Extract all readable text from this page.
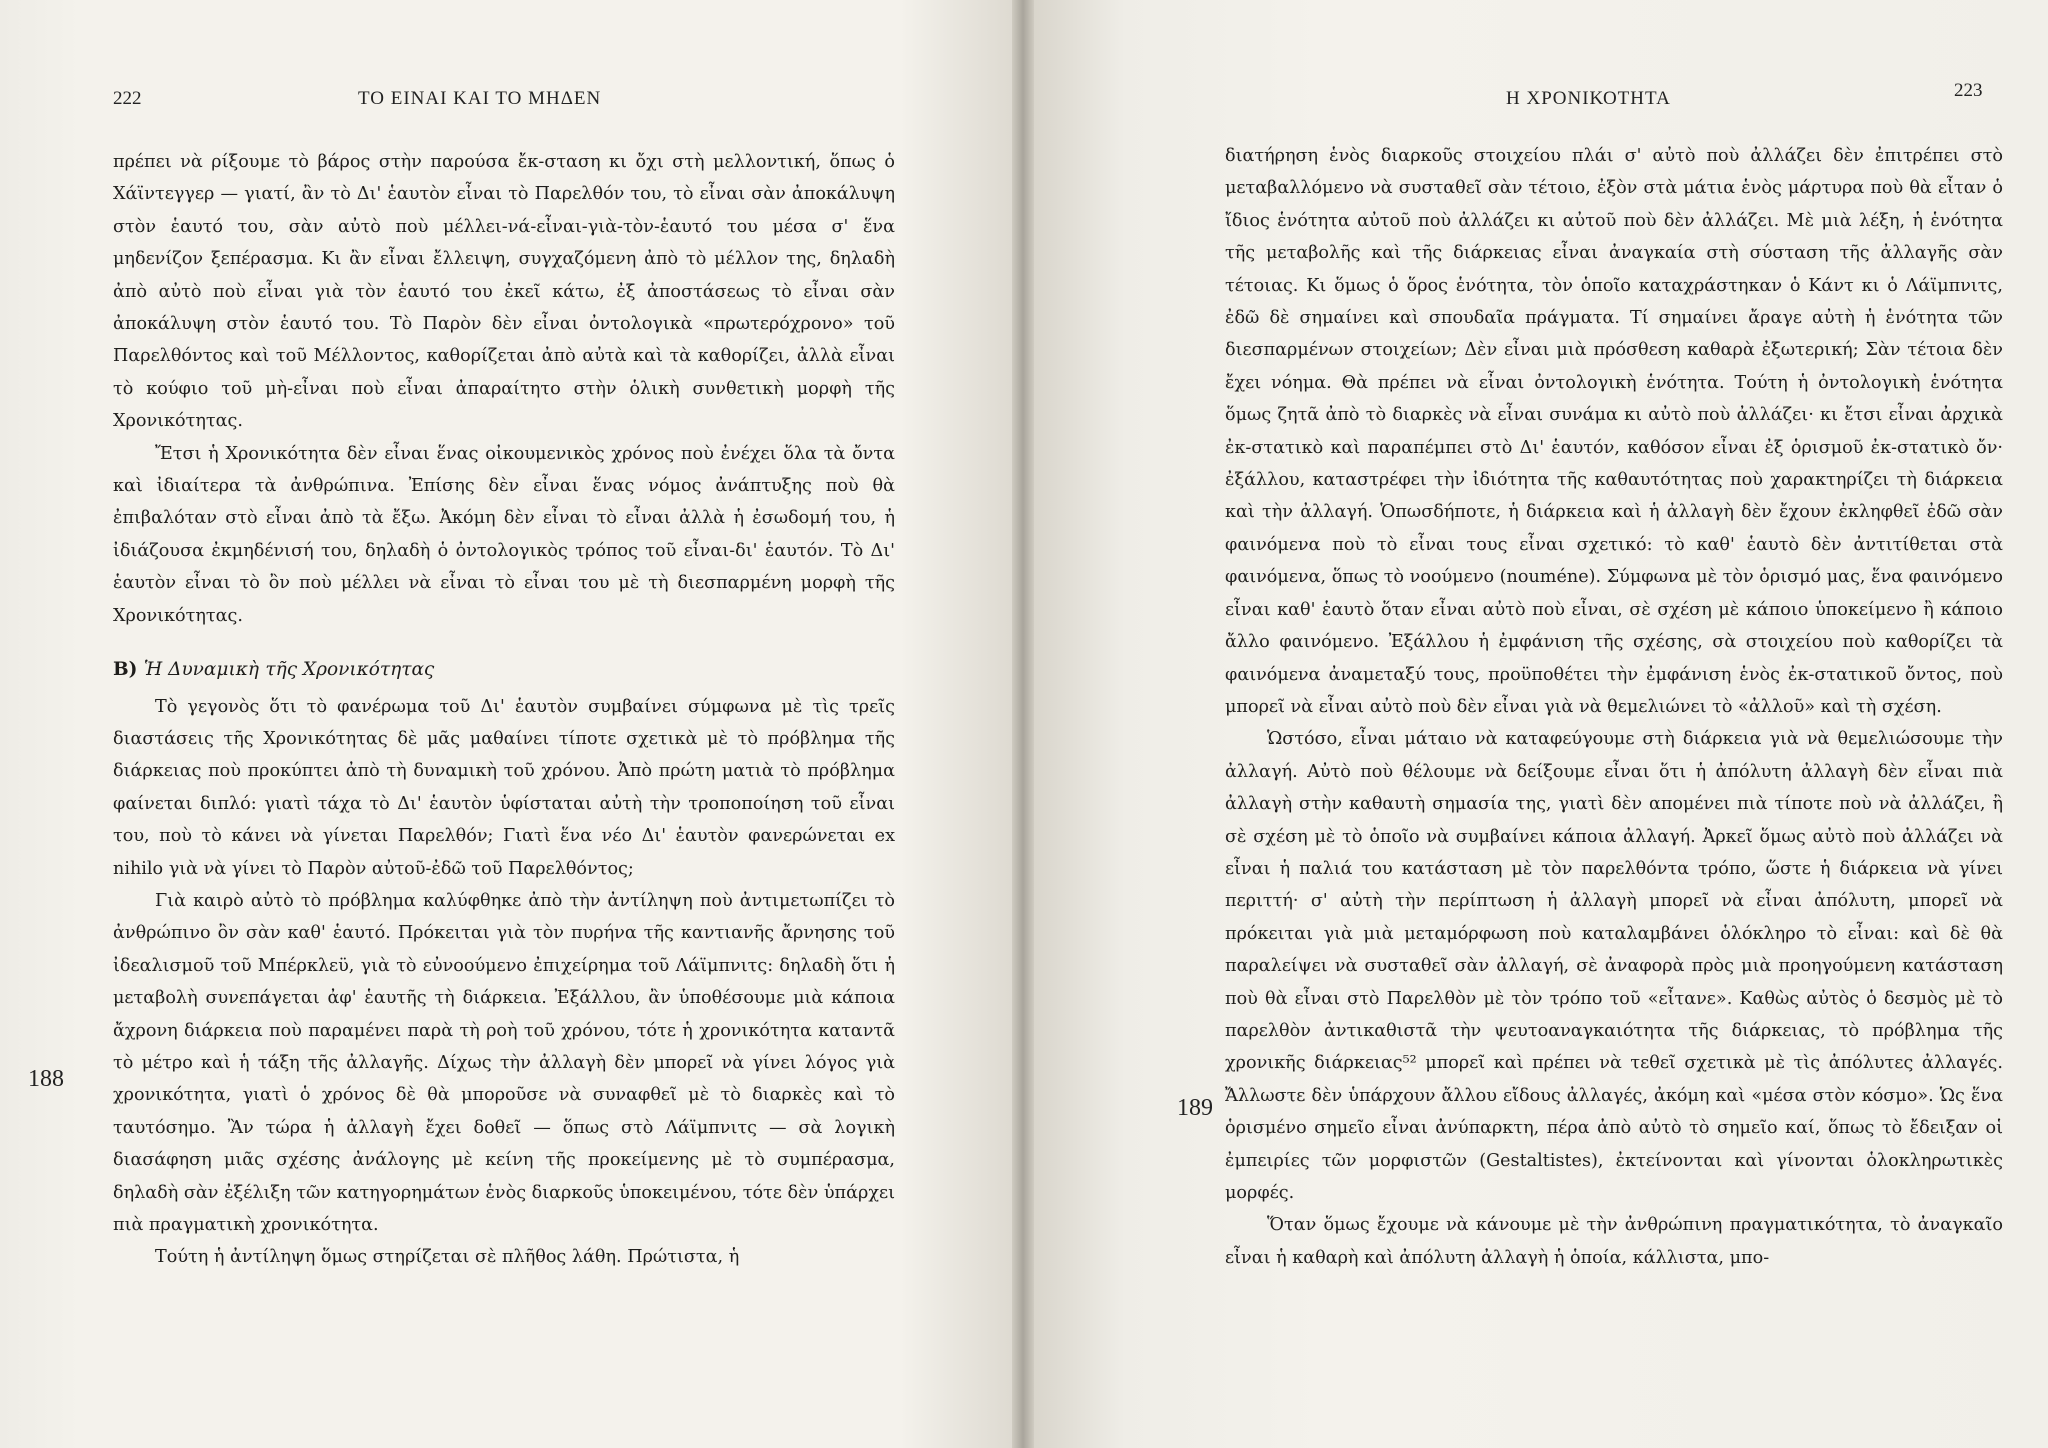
222	ΤΟ ΕΙΝΑΙ ΚΑΙ ΤΟ ΜΗΔΕΝ

πρέπει νὰ ρίξουμε τὸ βάρος στὴν παρούσα ἔκ-σταση κι ὄχι στὴ μελλοντική, ὅπως ὁ Χάϊντεγγερ — γιατί, ἂν τὸ Δι' ἑαυτὸν εἶναι τὸ Παρελθόν του, τὸ εἶναι σὰν ἀποκάλυψη στὸν ἑαυτό του, σὰν αὐτὸ ποὺ μέλλει-νά-εἶναι-γιὰ-τὸν-ἑαυτό του μέσα σ' ἕνα μηδενίζον ξεπέρασμα. Κι ἂν εἶναι ἔλλειψη, συγχαζόμενη ἀπὸ τὸ μέλλον της, δηλαδὴ ἀπὸ αὐτὸ ποὺ εἶναι γιὰ τὸν ἑαυτό του ἐκεῖ κάτω, ἐξ ἀποστάσεως τὸ εἶναι σὰν ἀποκάλυψη στὸν ἑαυτό του. Τὸ Παρὸν δὲν εἶναι ὀντολογικὰ «πρωτερόχρονο» τοῦ Παρελθόντος καὶ τοῦ Μέλλοντος, καθορίζεται ἀπὸ αὐτὰ καὶ τὰ καθορίζει, ἀλλὰ εἶναι τὸ κούφιο τοῦ μὴ-εἶναι ποὺ εἶναι ἀπαραίτητο στὴν ὁλικὴ συνθετικὴ μορφὴ τῆς Χρονικότητας.

Ἔτσι ἡ Χρονικότητα δὲν εἶναι ἕνας οἰκουμενικὸς χρόνος ποὺ ἐνέχει ὅλα τὰ ὄντα καὶ ἰδιαίτερα τὰ ἀνθρώπινα. Ἐπίσης δὲν εἶναι ἕνας νόμος ἀνάπτυξης ποὺ θὰ ἐπιβαλόταν στὸ εἶναι ἀπὸ τὰ ἔξω. Ἀκόμη δὲν εἶναι τὸ εἶναι ἀλλὰ ἡ ἐσωδομή του, ἡ ἰδιάζουσα ἐκμηδένισή του, δηλαδὴ ὁ ὀντολογικὸς τρόπος τοῦ εἶναι-δι' ἑαυτόν. Τὸ Δι' ἑαυτὸν εἶναι τὸ ὂν ποὺ μέλλει νὰ εἶναι τὸ εἶναι του μὲ τὴ διεσπαρμένη μορφὴ τῆς Χρονικότητας.

Β) Ἡ Δυναμικὴ τῆς Χρονικότητας

Τὸ γεγονὸς ὅτι τὸ φανέρωμα τοῦ Δι' ἑαυτὸν συμβαίνει σύμφωνα μὲ τὶς τρεῖς διαστάσεις τῆς Χρονικότητας δὲ μᾶς μαθαίνει τίποτε σχετικὰ μὲ τὸ πρόβλημα τῆς διάρκειας ποὺ προκύπτει ἀπὸ τὴ δυναμικὴ τοῦ χρόνου. Ἀπὸ πρώτη ματιὰ τὸ πρόβλημα φαίνεται διπλό: γιατὶ τάχα τὸ Δι' ἑαυτὸν ὑφίσταται αὐτὴ τὴν τροποποίηση τοῦ εἶναι του, ποὺ τὸ κάνει νὰ γίνεται Παρελθόν; Γιατὶ ἕνα νέο Δι' ἑαυτὸν φανερώνεται ex nihilo γιὰ νὰ γίνει τὸ Παρὸν αὐτοῦ-ἐδῶ τοῦ Παρελθόντος;

Γιὰ καιρὸ αὐτὸ τὸ πρόβλημα καλύφθηκε ἀπὸ τὴν ἀντίληψη ποὺ ἀντιμετωπίζει τὸ ἀνθρώπινο ὂν σὰν καθ' ἑαυτό. Πρόκειται γιὰ τὸν πυρήνα τῆς καντιανῆς ἄρνησης τοῦ ἰδεαλισμοῦ τοῦ Μπέρκλεϋ, γιὰ τὸ εὐνοούμενο ἐπιχείρημα τοῦ Λάϊμπνιτς: δηλαδὴ ὅτι ἡ μεταβολὴ συνεπάγεται ἀφ' ἑαυτῆς τὴ διάρκεια. Ἐξάλλου, ἂν ὑποθέσουμε μιὰ κάποια ἄχρονη διάρκεια ποὺ παραμένει παρὰ τὴ ροὴ τοῦ χρόνου, τότε ἡ χρονικότητα καταντᾶ τὸ μέτρο καὶ ἡ τάξη τῆς ἀλλαγῆς. Δίχως τὴν ἀλλαγὴ δὲν μπορεῖ νὰ γίνει λόγος γιὰ χρονικότητα, γιατὶ ὁ χρόνος δὲ θὰ μποροῦσε νὰ συναφθεῖ μὲ τὸ διαρκὲς καὶ τὸ ταυτόσημο. Ἂν τώρα ἡ ἀλλαγὴ ἔχει δοθεῖ — ὅπως στὸ Λάϊμπνιτς — σὰ λογικὴ διασάφηση μιᾶς σχέσης ἀνάλογης μὲ κείνη τῆς προκείμενης μὲ τὸ συμπέρασμα, δηλαδὴ σὰν ἐξέλιξη τῶν κατηγορημάτων ἑνὸς διαρκοῦς ὑποκειμένου, τότε δὲν ὑπάρχει πιὰ πραγματικὴ χρονικότητα.

Τούτη ἡ ἀντίληψη ὅμως στηρίζεται σὲ πλῆθος λάθη. Πρώτιστα, ἡ

188
Η ΧΡΟΝΙΚΟΤΗΤΑ	223

διατήρηση ἑνὸς διαρκοῦς στοιχείου πλάι σ' αὐτὸ ποὺ ἀλλάζει δὲν ἐπιτρέπει στὸ μεταβαλλόμενο νὰ συσταθεῖ σὰν τέτοιο, ἐξὸν στὰ μάτια ἑνὸς μάρτυρα ποὺ θὰ εἶταν ὁ ἴδιος ἑνότητα αὐτοῦ ποὺ ἀλλάζει κι αὐτοῦ ποὺ δὲν ἀλλάζει. Μὲ μιὰ λέξη, ἡ ἑνότητα τῆς μεταβολῆς καὶ τῆς διάρκειας εἶναι ἀναγκαία στὴ σύσταση τῆς ἀλλαγῆς σὰν τέτοιας. Κι ὅμως ὁ ὅρος ἑνότητα, τὸν ὁποῖο καταχράστηκαν ὁ Κάντ κι ὁ Λάϊμπνιτς, ἐδῶ δὲ σημαίνει καὶ σπουδαῖα πράγματα. Τί σημαίνει ἄραγε αὐτὴ ἡ ἑνότητα τῶν διεσπαρμένων στοιχείων; Δὲν εἶναι μιὰ πρόσθεση καθαρὰ ἐξωτερική; Σὰν τέτοια δὲν ἔχει νόημα. Θὰ πρέπει νὰ εἶναι ὀντολογικὴ ἑνότητα. Τούτη ἡ ὀντολογικὴ ἑνότητα ὅμως ζητᾶ ἀπὸ τὸ διαρκὲς νὰ εἶναι συνάμα κι αὐτὸ ποὺ ἀλλάζει· κι ἔτσι εἶναι ἀρχικὰ ἐκ-στατικὸ καὶ παραπέμπει στὸ Δι' ἑαυτόν, καθόσον εἶναι ἐξ ὁρισμοῦ ἐκ-στατικὸ ὄν· ἐξάλλου, καταστρέφει τὴν ἰδιότητα τῆς καθαυτότητας ποὺ χαρακτηρίζει τὴ διάρκεια καὶ τὴν ἀλλαγή. Ὁπωσδήποτε, ἡ διάρκεια καὶ ἡ ἀλλαγὴ δὲν ἔχουν ἐκληφθεῖ ἐδῶ σὰν φαινόμενα ποὺ τὸ εἶναι τους εἶναι σχετικό: τὸ καθ' ἑαυτὸ δὲν ἀντιτίθεται στὰ φαινόμενα, ὅπως τὸ νοούμενο (nouméne). Σύμφωνα μὲ τὸν ὁρισμό μας, ἕνα φαινόμενο εἶναι καθ' ἑαυτὸ ὅταν εἶναι αὐτὸ ποὺ εἶναι, σὲ σχέση μὲ κάποιο ὑποκείμενο ἢ κάποιο ἄλλο φαινόμενο. Ἐξάλλου ἡ ἐμφάνιση τῆς σχέσης, σὰ στοιχείου ποὺ καθορίζει τὰ φαινόμενα ἀναμεταξύ τους, προϋποθέτει τὴν ἐμφάνιση ἑνὸς ἐκ-στατικοῦ ὄντος, ποὺ μπορεῖ νὰ εἶναι αὐτὸ ποὺ δὲν εἶναι γιὰ νὰ θεμελιώνει τὸ «ἀλλοῦ» καὶ τὴ σχέση.

Ὡστόσο, εἶναι μάταιο νὰ καταφεύγουμε στὴ διάρκεια γιὰ νὰ θεμελιώσουμε τὴν ἀλλαγή. Αὐτὸ ποὺ θέλουμε νὰ δείξουμε εἶναι ὅτι ἡ ἀπόλυτη ἀλλαγὴ δὲν εἶναι πιὰ ἀλλαγὴ στὴν καθαυτὴ σημασία της, γιατὶ δὲν απομένει πιὰ τίποτε ποὺ νὰ ἀλλάζει, ἢ σὲ σχέση μὲ τὸ ὁποῖο νὰ συμβαίνει κάποια ἀλλαγή. Ἀρκεῖ ὅμως αὐτὸ ποὺ ἀλλάζει νὰ εἶναι ἡ παλιά του κατάσταση μὲ τὸν παρελθόντα τρόπο, ὥστε ἡ διάρκεια νὰ γίνει περιττή· σ' αὐτὴ τὴν περίπτωση ἡ ἀλλαγὴ μπορεῖ νὰ εἶναι ἀπόλυτη, μπορεῖ νὰ πρόκειται γιὰ μιὰ μεταμόρφωση ποὺ καταλαμβάνει ὁλόκληρο τὸ εἶναι: καὶ δὲ θὰ παραλείψει νὰ συσταθεῖ σὰν ἀλλαγή, σὲ ἀναφορὰ πρὸς μιὰ προηγούμενη κατάσταση ποὺ θὰ εἶναι στὸ Παρελθὸν μὲ τὸν τρόπο τοῦ «εἶτανε». Καθὼς αὐτὸς ὁ δεσμὸς μὲ τὸ παρελθὸν ἀντικαθιστᾶ τὴν ψευτοαναγκαιότητα τῆς διάρκειας, τὸ πρόβλημα τῆς χρονικῆς διάρκειας⁵² μπορεῖ καὶ πρέπει νὰ τεθεῖ σχετικὰ μὲ τὶς ἀπόλυτες ἀλλαγές. Ἄλλωστε δὲν ὑπάρχουν ἄλλου εἴδους ἀλλαγές, ἀκόμη καὶ «μέσα στὸν κόσμο». Ὡς ἕνα ὁρισμένο σημεῖο εἶναι ἀνύπαρκτη, πέρα ἀπὸ αὐτὸ τὸ σημεῖο καί, ὅπως τὸ ἔδειξαν οἱ ἐμπειρίες τῶν μορφιστῶν (Gestaltistes), ἐκτείνονται καὶ γίνονται ὁλοκληρωτικὲς μορφές.

Ὅταν ὅμως ἔχουμε νὰ κάνουμε μὲ τὴν ἀνθρώπινη πραγματικότητα, τὸ ἀναγκαῖο εἶναι ἡ καθαρὴ καὶ ἀπόλυτη ἀλλαγὴ ἡ ὁποία, κάλλιστα, μπο-

189
